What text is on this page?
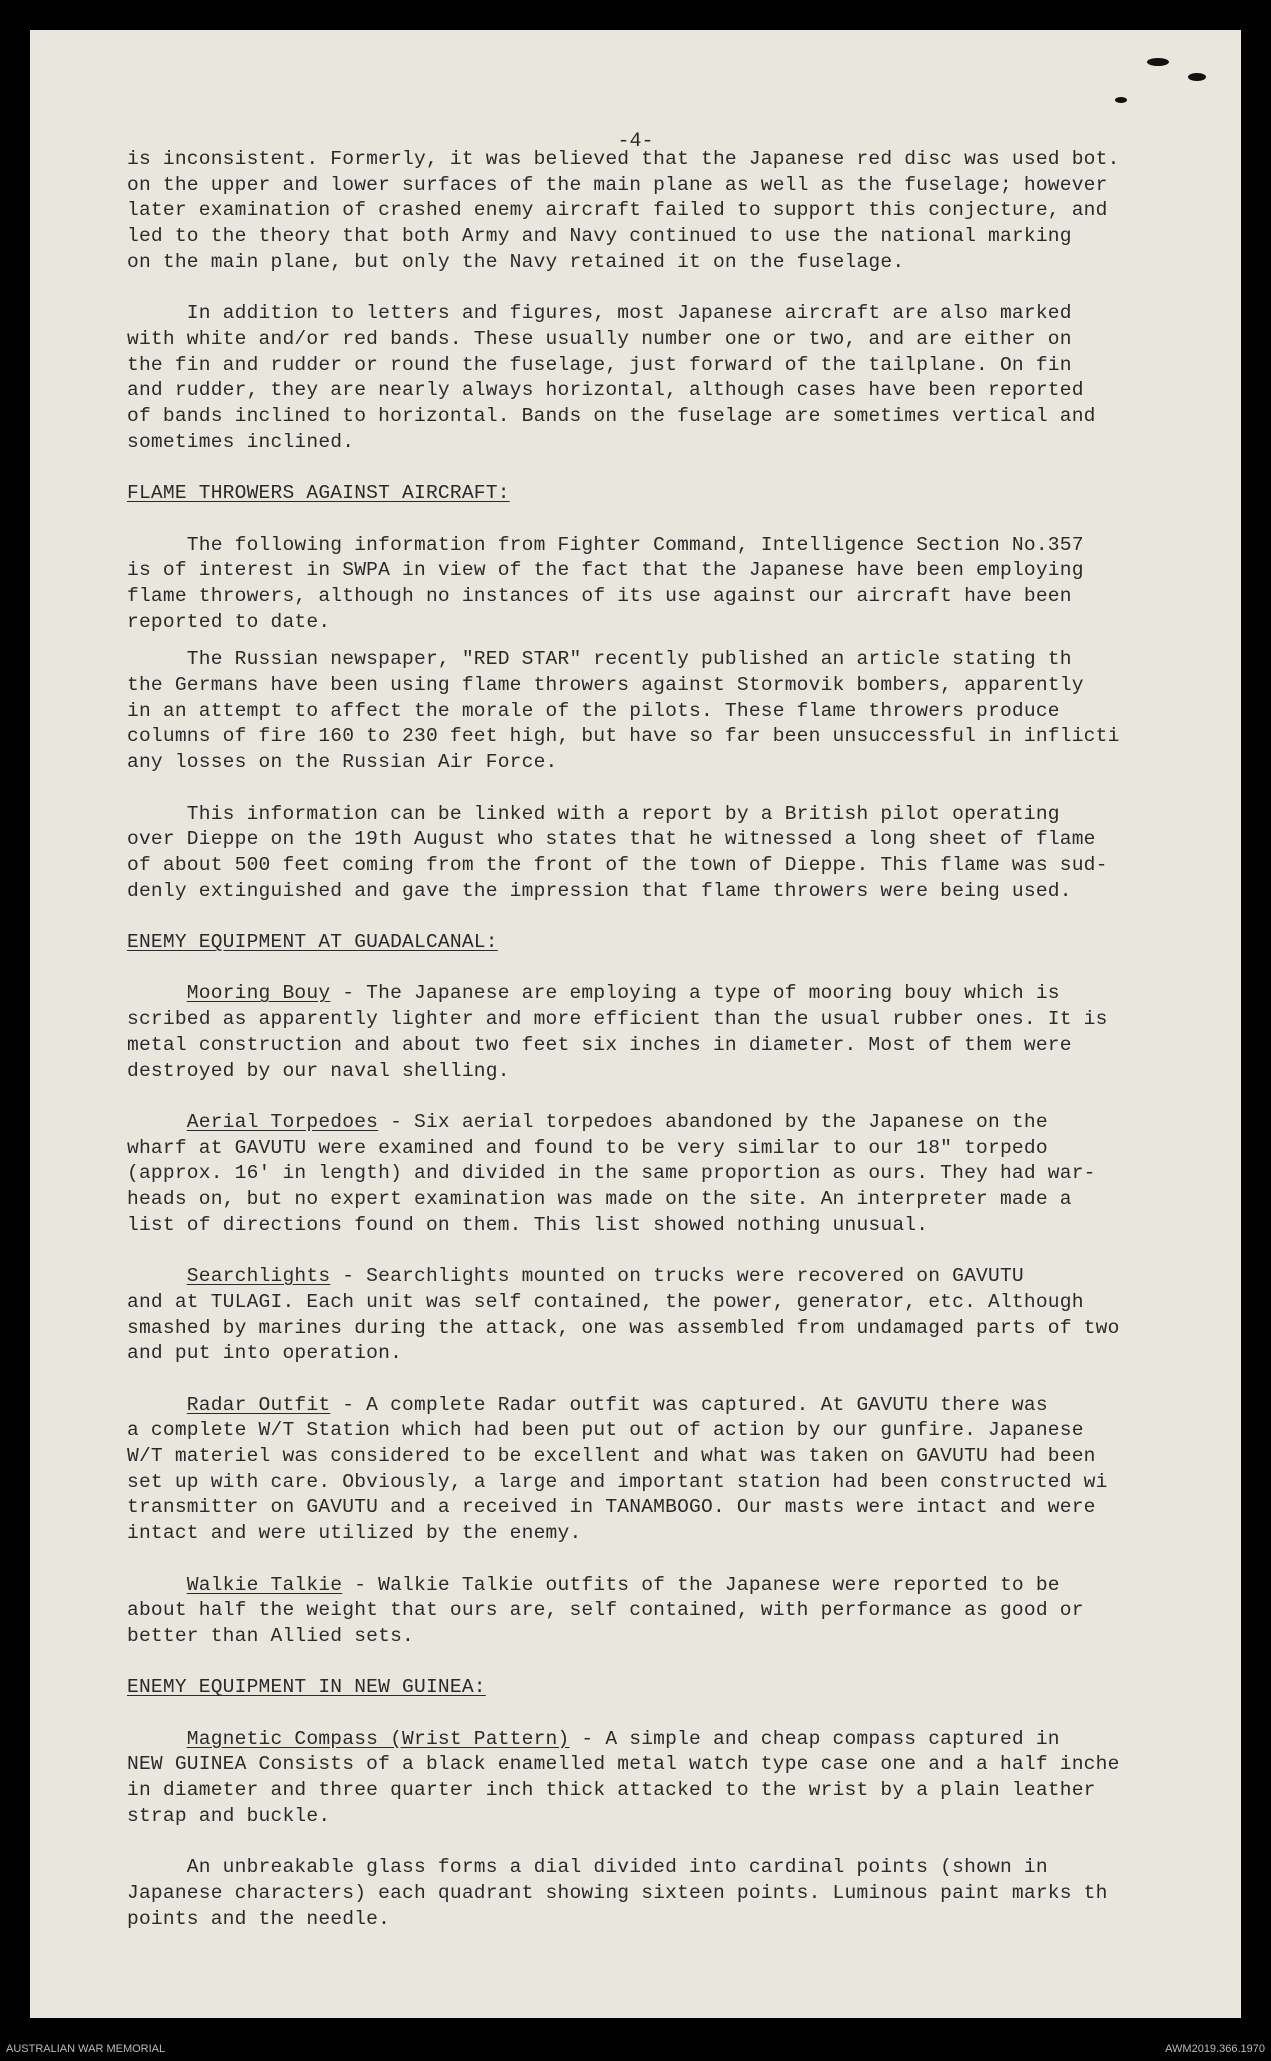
-4-

is inconsistent. Formerly, it was believed that the Japanese red disc was used bot.

on the upper and lower surfaces of the main plane as well as the fuselage; however

later examination of crashed enemy aircraft failed to support this conjecture, and

led to the theory that both Army and Navy continued to use the national marking

on the main plane, but only the Navy retained it on the fuselage.

In addition to letters and figures, most Japanese aircraft are also marked

with white and/or red bands. These usually number one or two, and are either on

the fin and rudder or round the fuselage, just forward of the tailplane. On fin

and rudder, they are nearly always horizontal, although cases have been reported

of bands inclined to horizontal. Bands on the fuselage are sometimes vertical and

sometimes inclined.

FLAME THROWERS AGAINST AIRCRAFT:

The following information from Fighter Command, Intelligence Section No.357

is of interest in SWPA in view of the fact that the Japanese have been employing

flame throwers, although no instances of its use against our aircraft have been

reported to date.

The Russian newspaper, "RED STAR" recently published an article stating th

the Germans have been using flame throwers against Stormovik bombers, apparently

in an attempt to affect the morale of the pilots. These flame throwers produce

columns of fire 160 to 230 feet high, but have so far been unsuccessful in inflicti

any losses on the Russian Air Force.

This information can be linked with a report by a British pilot operating

over Dieppe on the 19th August who states that he witnessed a long sheet of flame

of about 500 feet coming from the front of the town of Dieppe. This flame was sud-

denly extinguished and gave the impression that flame throwers were being used.

ENEMY EQUIPMENT AT GUADALCANAL:

Mooring Bouy - The Japanese are employing a type of mooring bouy which is

scribed as apparently lighter and more efficient than the usual rubber ones. It is

metal construction and about two feet six inches in diameter. Most of them were

destroyed by our naval shelling.

Aerial Torpedoes - Six aerial torpedoes abandoned by the Japanese on the

wharf at GAVUTU were examined and found to be very similar to our 18" torpedo

(approx. 16' in length) and divided in the same proportion as ours. They had war-

heads on, but no expert examination was made on the site. An interpreter made a

list of directions found on them. This list showed nothing unusual.

Searchlights - Searchlights mounted on trucks were recovered on GAVUTU

and at TULAGI. Each unit was self contained, the power, generator, etc. Although

smashed by marines during the attack, one was assembled from undamaged parts of two

and put into operation.

Radar Outfit - A complete Radar outfit was captured. At GAVUTU there was

a complete W/T Station which had been put out of action by our gunfire. Japanese

W/T materiel was considered to be excellent and what was taken on GAVUTU had been

set up with care. Obviously, a large and important station had been constructed wi

transmitter on GAVUTU and a received in TANAMBOGO. Our masts were intact and were

intact and were utilized by the enemy.

Walkie Talkie - Walkie Talkie outfits of the Japanese were reported to be

about half the weight that ours are, self contained, with performance as good or

better than Allied sets.

ENEMY EQUIPMENT IN NEW GUINEA:

Magnetic Compass (Wrist Pattern) - A simple and cheap compass captured in

NEW GUINEA Consists of a black enamelled metal watch type case one and a half inche

in diameter and three quarter inch thick attacked to the wrist by a plain leather

strap and buckle.

An unbreakable glass forms a dial divided into cardinal points (shown in

Japanese characters) each quadrant showing sixteen points. Luminous paint marks th

points and the needle.

AUSTRALIAN WAR MEMORIAL	AWM2019.366.1970
